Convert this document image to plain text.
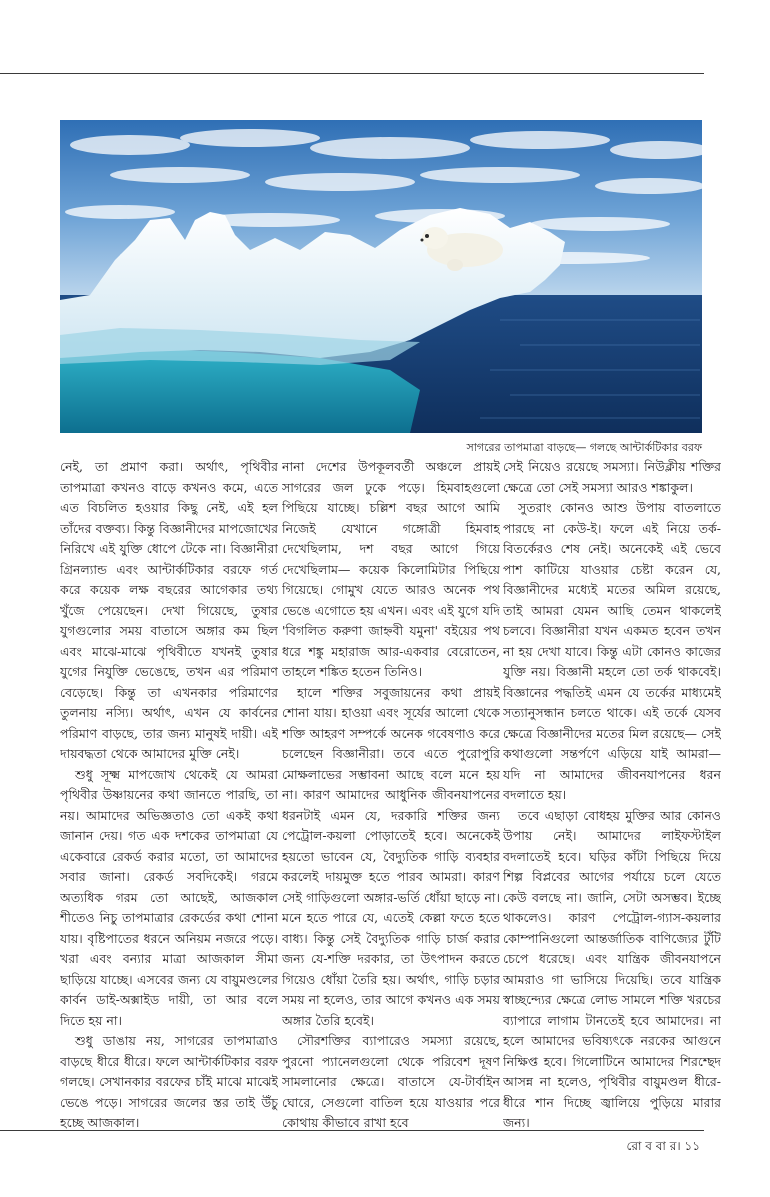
সাগরের তাপমাত্রা বাড়ছে— গলছে আন্টার্কটিকার বরফ

নেই, তা প্রমাণ করা। অর্থাৎ, পৃথিবীর তাপমাত্রা কখনও বাড়ে কখনও কমে, এতে এত বিচলিত হওয়ার কিছু নেই, এই হল তাঁদের বক্তব্য। কিন্তু বিজ্ঞানীদের মাপজোখের নিরিখে এই যুক্তি ধোপে টেকে না। বিজ্ঞানীরা গ্রিনল্যান্ড এবং আন্টার্কটিকার বরফে গর্ত করে কয়েক লক্ষ বছরের আগেকার তথ্য খুঁজে পেয়েছেন। দেখা গিয়েছে, তুষার যুগগুলোর সময় বাতাসে অঙ্গার কম ছিল এবং মাঝে-মাঝে পৃথিবীতে যখনই তুষার যুগের নিযুক্তি ভেঙেছে, তখন এর পরিমাণ বেড়েছে। কিন্তু তা এখনকার পরিমাণের তুলনায় নস্যি। অর্থাৎ, এখন যে কার্বনের পরিমাণ বাড়ছে, তার জন্য মানুষই দায়ী। এই দায়বদ্ধতা থেকে আমাদের মুক্তি নেই।

শুধু সূক্ষ্ম মাপজোখ থেকেই যে আমরা পৃথিবীর উষ্ণায়নের কথা জানতে পারছি, তা নয়। আমাদের অভিজ্ঞতাও তো একই কথা জানান দেয়। গত এক দশকের তাপমাত্রা যে একেবারে রেকর্ড করার মতো, তা আমাদের সবার জানা। রেকর্ড সবদিকেই। গরমে অত্যধিক গরম তো আছেই, আজকাল শীতেও নিচু তাপমাত্রার রেকর্ডের কথা শোনা যায়। বৃষ্টিপাতের ধরনে অনিয়ম নজরে পড়ে। খরা এবং বন্যার মাত্রা আজকাল সীমা ছাড়িয়ে যাচ্ছে। এসবের জন্য যে বায়ুমণ্ডলের কার্বন ডাই-অক্সাইড দায়ী, তা আর বলে দিতে হয় না।

শুধু ডাঙায় নয়, সাগরের তাপমাত্রাও বাড়ছে ধীরে ধীরে। ফলে আন্টার্কটিকার বরফ গলছে। সেখানকার বরফের চাঁই মাঝে মাঝেই ভেঙে পড়ে। সাগরের জলের স্তর তাই উঁচু হচ্ছে আজকাল।

নানা দেশের উপকূলবর্তী অঞ্চলে প্রায়ই সাগরের জল ঢুকে পড়ে। হিমবাহগুলো পিছিয়ে যাচ্ছে। চল্লিশ বছর আগে আমি নিজেই যেখানে গঙ্গোত্রী হিমবাহ দেখেছিলাম, দশ বছর আগে গিয়ে দেখেছিলাম— কয়েক কিলোমিটার পিছিয়ে গিয়েছে। গোমুখ যেতে আরও অনেক পথ ভেঙে এগোতে হয় এখন। এবং এই যুগে যদি 'বিগলিত করুণা জাহ্নবী যমুনা' বইয়ের পথ ধরে শঙ্কু মহারাজ আর-একবার বেরোতেন, তাহলে শঙ্কিত হতেন তিনিও।

হালে শক্তির সবুজায়নের কথা প্রায়ই শোনা যায়। হাওয়া এবং সূর্যের আলো থেকে শক্তি আহরণ সম্পর্কে অনেক গবেষণাও করে চলেছেন বিজ্ঞানীরা। তবে এতে পুরোপুরি মোক্ষলাভের সম্ভাবনা আছে বলে মনে হয় না। কারণ আমাদের আধুনিক জীবনযাপনের ধরনটাই এমন যে, দরকারি শক্তির জন্য পেট্রোল-কয়লা পোড়াতেই হবে। অনেকেই হয়তো ভাবেন যে, বৈদ্যুতিক গাড়ি ব্যবহার করলেই দায়মুক্ত হতে পারব আমরা। কারণ সেই গাড়িগুলো অঙ্গার-ভর্তি ধোঁয়া ছাড়ে না। মনে হতে পারে যে, এতেই কেল্লা ফতে হতে বাধ্য। কিন্তু সেই বৈদ্যুতিক গাড়ি চার্জ করার জন্য যে-শক্তি দরকার, তা উৎপাদন করতে গিয়েও ধোঁয়া তৈরি হয়। অর্থাৎ, গাড়ি চড়ার সময় না হলেও, তার আগে কখনও এক সময় অঙ্গার তৈরি হবেই।

সৌরশক্তির ব্যাপারেও সমস্যা রয়েছে, পুরনো প্যানেলগুলো থেকে পরিবেশ দূষণ সামলানোর ক্ষেত্রে। বাতাসে যে-টার্বাইন ঘোরে, সেগুলো বাতিল হয়ে যাওয়ার পরে কোথায় কীভাবে রাখা হবে

সেই নিয়েও রয়েছে সমস্যা। নিউক্লীয় শক্তির ক্ষেত্রে তো সেই সমস্যা আরও শঙ্কাকুল।

সুতরাং কোনও আশু উপায় বাতলাতে পারছে না কেউ-ই। ফলে এই নিয়ে তর্ক-বিতর্কেরও শেষ নেই। অনেকেই এই ভেবে পাশ কাটিয়ে যাওয়ার চেষ্টা করেন যে, বিজ্ঞানীদের মধ্যেই মতের অমিল রয়েছে, তাই আমরা যেমন আছি তেমন থাকলেই চলবে। বিজ্ঞানীরা যখন একমত হবেন তখন না হয় দেখা যাবে। কিন্তু এটা কোনও কাজের যুক্তি নয়। বিজ্ঞানী মহলে তো তর্ক থাকবেই। বিজ্ঞানের পদ্ধতিই এমন যে তর্কের মাধ্যমেই সত্যানুসন্ধান চলতে থাকে। এই তর্কে যেসব ক্ষেত্রে বিজ্ঞানীদের মতের মিল রয়েছে— সেই কথাগুলো সন্তর্পণে এড়িয়ে যাই আমরা— যদি না আমাদের জীবনযাপনের ধরন বদলাতে হয়।

তবে এছাড়া বোধহয় মুক্তির আর কোনও উপায় নেই। আমাদের লাইফস্টাইল বদলাতেই হবে। ঘড়ির কাঁটা পিছিয়ে দিয়ে শিল্প বিপ্লবের আগের পর্যায়ে চলে যেতে কেউ বলছে না। জানি, সেটা অসম্ভব। ইচ্ছে থাকলেও। কারণ পেট্রোল-গ্যাস-কয়লার কোম্পানিগুলো আন্তর্জাতিক বাণিজ্যের টুঁটি চেপে ধরেছে। এবং যান্ত্রিক জীবনযাপনে আমরাও গা ভাসিয়ে দিয়েছি। তবে যান্ত্রিক স্বাচ্ছন্দ্যের ক্ষেত্রে লোভ সামলে শক্তি খরচের ব্যাপারে লাগাম টানতেই হবে আমাদের। না হলে আমাদের ভবিষ্যৎকে নরকের আগুনে নিক্ষিপ্ত হবে। গিলোটিনে আমাদের শিরশ্ছেদ আসন্ন না হলেও, পৃথিবীর বায়ুমণ্ডল ধীরে-ধীরে শান দিচ্ছে জ্বালিয়ে পুড়িয়ে মারার জন্য।

রো ব বা র। ১১
